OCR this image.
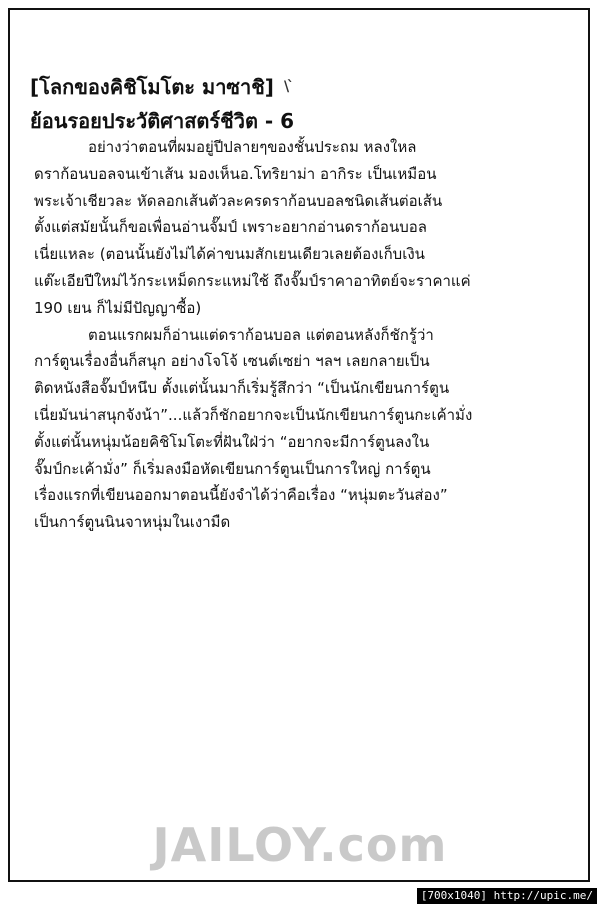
[โลกของคิชิโมโตะ มาซาชิ] \ ̀
ย้อนรอยประวัติศาสตร์ชีวิต - 6
อย่างว่าตอนที่ผมอยู่ปีปลายๆของชั้นประถม หลงใหล
ดราก้อนบอลจนเข้าเส้น มองเห็นอ.โทริยาม่า อากิระ เป็นเหมือน
พระเจ้าเชียวละ หัดลอกเส้นตัวละครดราก้อนบอลชนิดเส้นต่อเส้น
ตั้งแต่สมัยนั้นก็ขอเพื่อนอ่านจั๊มป์ เพราะอยากอ่านดราก้อนบอล
เนี่ยแหละ (ตอนนั้นยังไม่ได้ค่าขนมสักเยนเดียวเลยต้องเก็บเงิน
แต๊ะเอียปีใหม่ไว้กระเหม็ดกระแหม่ใช้ ถึงจั๊มป์ราคาอาทิตย์จะราคาแค่
190 เยน ก็ไม่มีปัญญาซื้อ)
ตอนแรกผมก็อ่านแต่ดราก้อนบอล แต่ตอนหลังก็ชักรู้ว่า
การ์ตูนเรื่องอื่นก็สนุก อย่างโจโจ้ เซนต์เซย่า ฯลฯ เลยกลายเป็น
ติดหนังสือจั๊มป์หนึบ ตั้งแต่นั้นมาก็เริ่มรู้สึกว่า “เป็นนักเขียนการ์ตูน
เนี่ยมันน่าสนุกจังน้า”...แล้วก็ชักอยากจะเป็นนักเขียนการ์ตูนกะเค้ามั่ง
ตั้งแต่นั้นหนุ่มน้อยคิชิโมโตะที่ฝันใฝ่ว่า “อยากจะมีการ์ตูนลงใน
จั๊มป์กะเค้ามั่ง” ก็เริ่มลงมือหัดเขียนการ์ตูนเป็นการใหญ่ การ์ตูน
เรื่องแรกที่เขียนออกมาตอนนี้ยังจำได้ว่าคือเรื่อง “หนุ่มตะวันส่อง”
เป็นการ์ตูนนินจาหนุ่มในเงามืด
JAILOY.com
[700x1040] http://upic.me/
